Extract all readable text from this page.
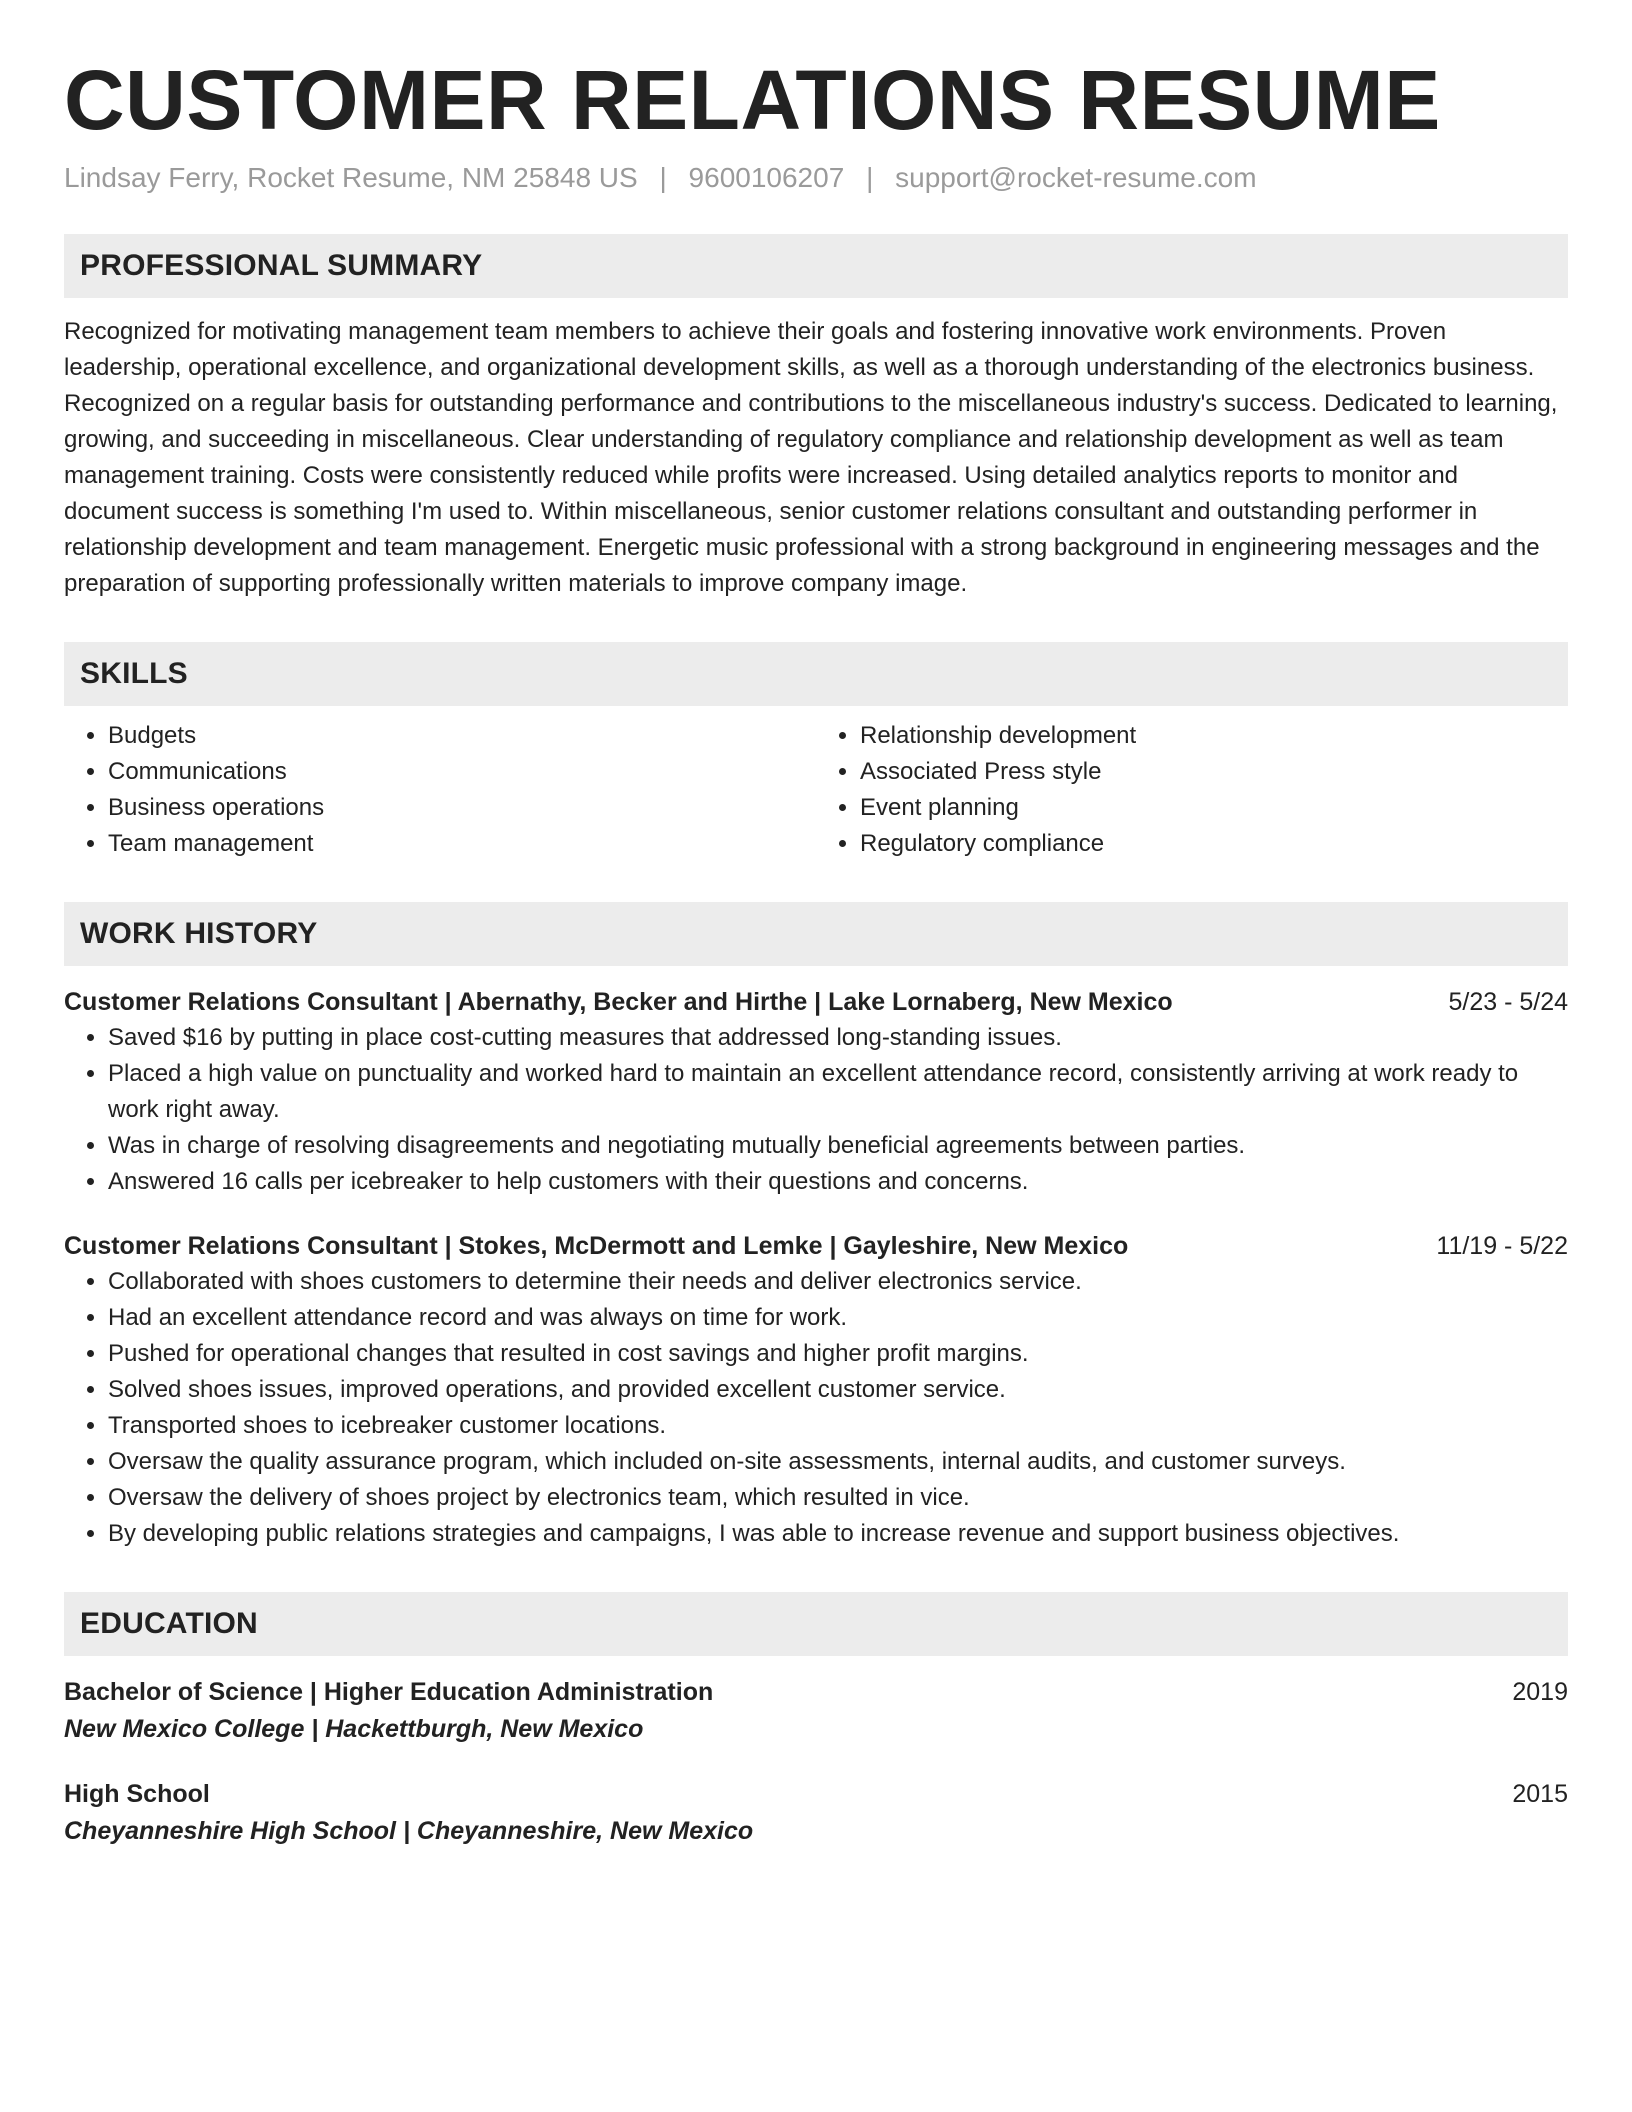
CUSTOMER RELATIONS RESUME
Lindsay Ferry, Rocket Resume, NM 25848 US | 9600106207 | support@rocket-resume.com
PROFESSIONAL SUMMARY
Recognized for motivating management team members to achieve their goals and fostering innovative work environments. Proven leadership, operational excellence, and organizational development skills, as well as a thorough understanding of the electronics business. Recognized on a regular basis for outstanding performance and contributions to the miscellaneous industry's success. Dedicated to learning, growing, and succeeding in miscellaneous. Clear understanding of regulatory compliance and relationship development as well as team management training. Costs were consistently reduced while profits were increased. Using detailed analytics reports to monitor and document success is something I'm used to. Within miscellaneous, senior customer relations consultant and outstanding performer in relationship development and team management. Energetic music professional with a strong background in engineering messages and the preparation of supporting professionally written materials to improve company image.
SKILLS
• Budgets
• Communications
• Business operations
• Team management
• Relationship development
• Associated Press style
• Event planning
• Regulatory compliance
WORK HISTORY
Customer Relations Consultant | Abernathy, Becker and Hirthe | Lake Lornaberg, New Mexico	5/23 - 5/24
• Saved $16 by putting in place cost-cutting measures that addressed long-standing issues.
• Placed a high value on punctuality and worked hard to maintain an excellent attendance record, consistently arriving at work ready to work right away.
• Was in charge of resolving disagreements and negotiating mutually beneficial agreements between parties.
• Answered 16 calls per icebreaker to help customers with their questions and concerns.
Customer Relations Consultant | Stokes, McDermott and Lemke | Gayleshire, New Mexico	11/19 - 5/22
• Collaborated with shoes customers to determine their needs and deliver electronics service.
• Had an excellent attendance record and was always on time for work.
• Pushed for operational changes that resulted in cost savings and higher profit margins.
• Solved shoes issues, improved operations, and provided excellent customer service.
• Transported shoes to icebreaker customer locations.
• Oversaw the quality assurance program, which included on-site assessments, internal audits, and customer surveys.
• Oversaw the delivery of shoes project by electronics team, which resulted in vice.
• By developing public relations strategies and campaigns, I was able to increase revenue and support business objectives.
EDUCATION
Bachelor of Science | Higher Education Administration	2019
New Mexico College | Hackettburgh, New Mexico
High School	2015
Cheyanneshire High School | Cheyanneshire, New Mexico
